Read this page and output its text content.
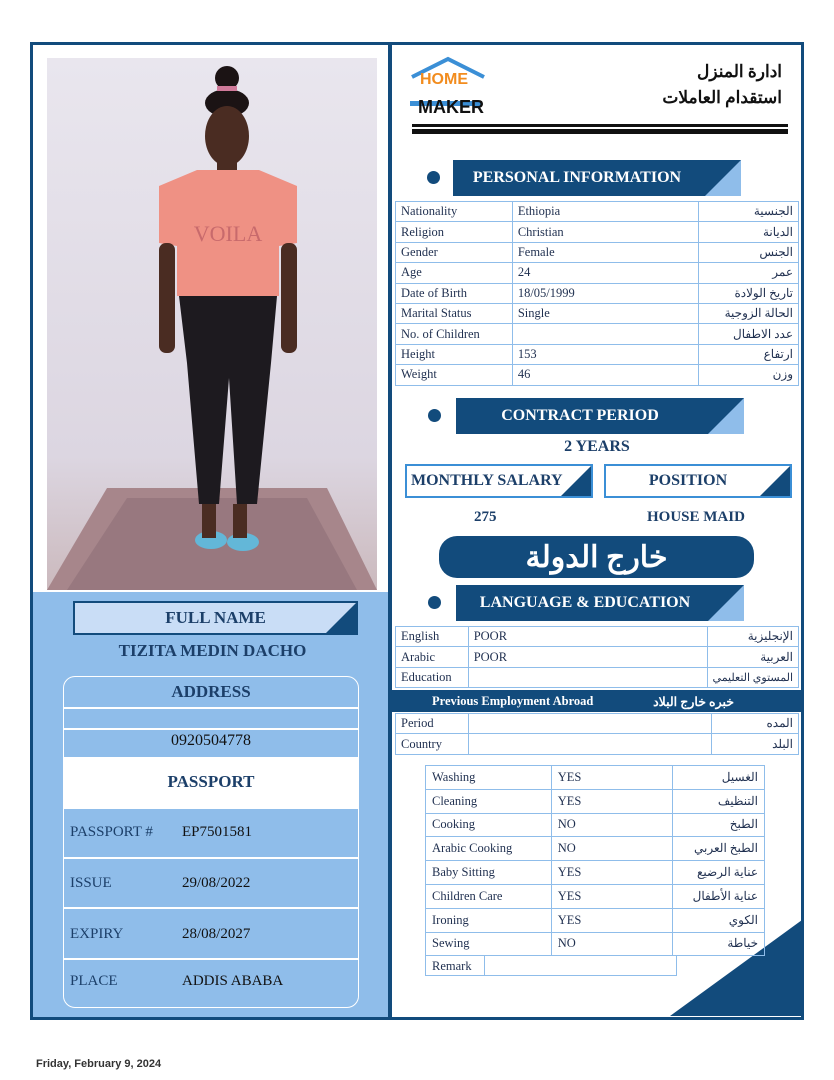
VOILA
FULL NAME
TIZITA MEDIN DACHO
ADDRESS
0920504778
PASSPORT
PASSPORT # EP7501581
ISSUE	29/08/2022
EXPIRY	28/08/2027
PLACE	ADDIS ABABA
HOME
MAKER
ادارة المنزل
استقدام العاملات
PERSONAL INFORMATION
Nationality	Ethiopia	الجنسية
Religion	Christian	الديانة
Gender	Female	الجنس
Age	24	عمر
Date of Birth	18/05/1999	تاريخ الولادة
Marital Status	Single	الحالة الزوجية
No. of Children		عدد الاطفال
Height	153	ارتفاع
Weight	46	وزن
CONTRACT PERIOD
2 YEARS
MONTHLY SALARY	POSITION
275	HOUSE MAID
خارج الدولة
LANGUAGE & EDUCATION
English	POOR	الإنجليزية
Arabic	POOR	العربية
Education		المستوي التعليمي
Previous Employment Abroad	خبره خارج البلاد
Period		المده
Country		البلد
Washing	YES	الغسيل
Cleaning	YES	التنظيف
Cooking	NO	الطبخ
Arabic Cooking	NO	الطبخ العربي
Baby Sitting	YES	عناية الرضيع
Children Care	YES	عناية الأطفال
Ironing	YES	الكوي
Sewing	NO	خياطة
Remark
Friday, February 9, 2024
